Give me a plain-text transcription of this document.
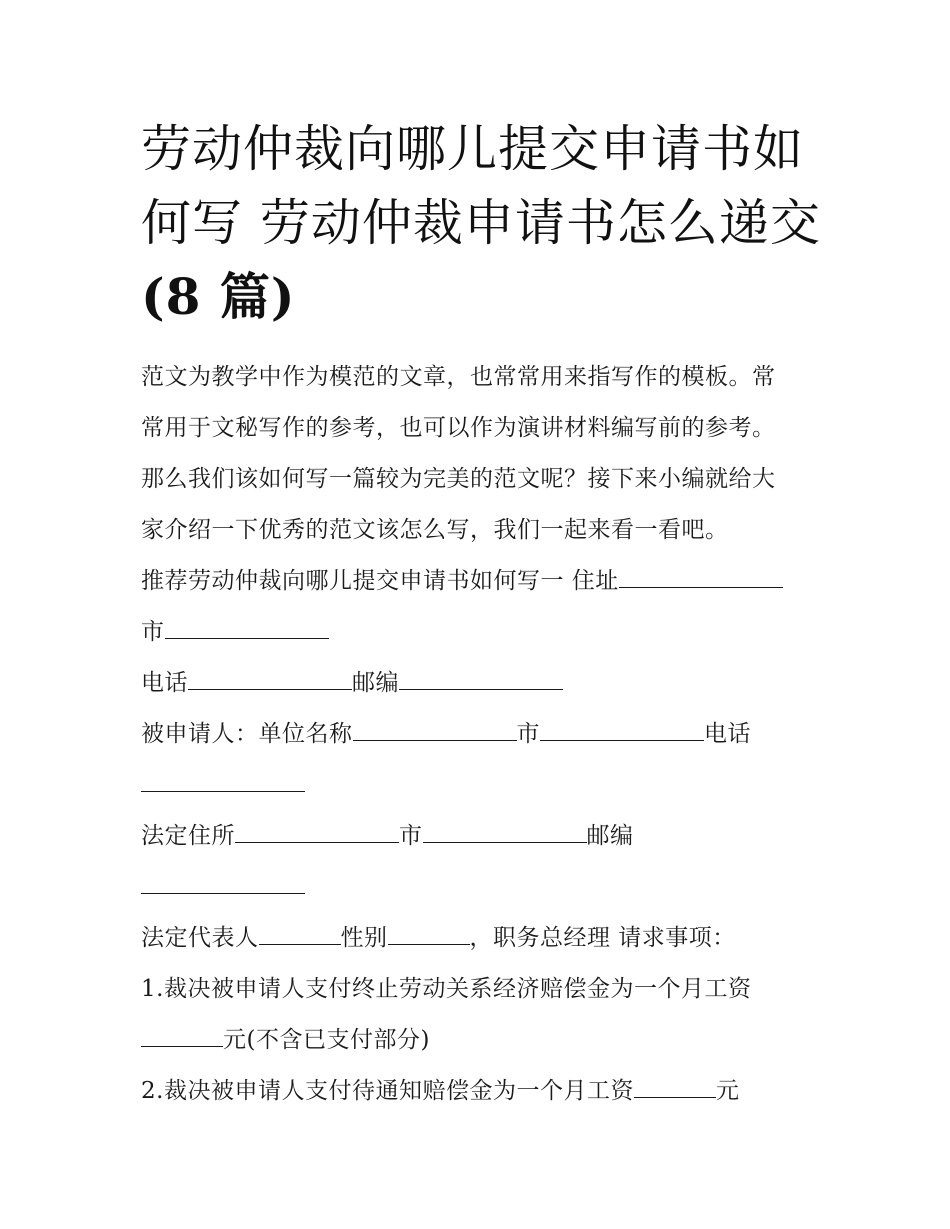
劳动仲裁向哪儿提交申请书如
何写 劳动仲裁申请书怎么递交
(8 篇)

范文为教学中作为模范的文章，也常常用来指写作的模板。常

常用于文秘写作的参考，也可以作为演讲材料编写前的参考。

那么我们该如何写一篇较为完美的范文呢？接下来小编就给大

家介绍一下优秀的范文该怎么写，我们一起来看一看吧。

推荐劳动仲裁向哪儿提交申请书如何写一 住址

市

电话	邮编

被申请人：单位名称	市	电话

法定住所	市	邮编

法定代表人	性别	，职务总经理 请求事项：

1.裁决被申请人支付终止劳动关系经济赔偿金为一个月工资

元(不含已支付部分)

2.裁决被申请人支付待通知赔偿金为一个月工资	元
